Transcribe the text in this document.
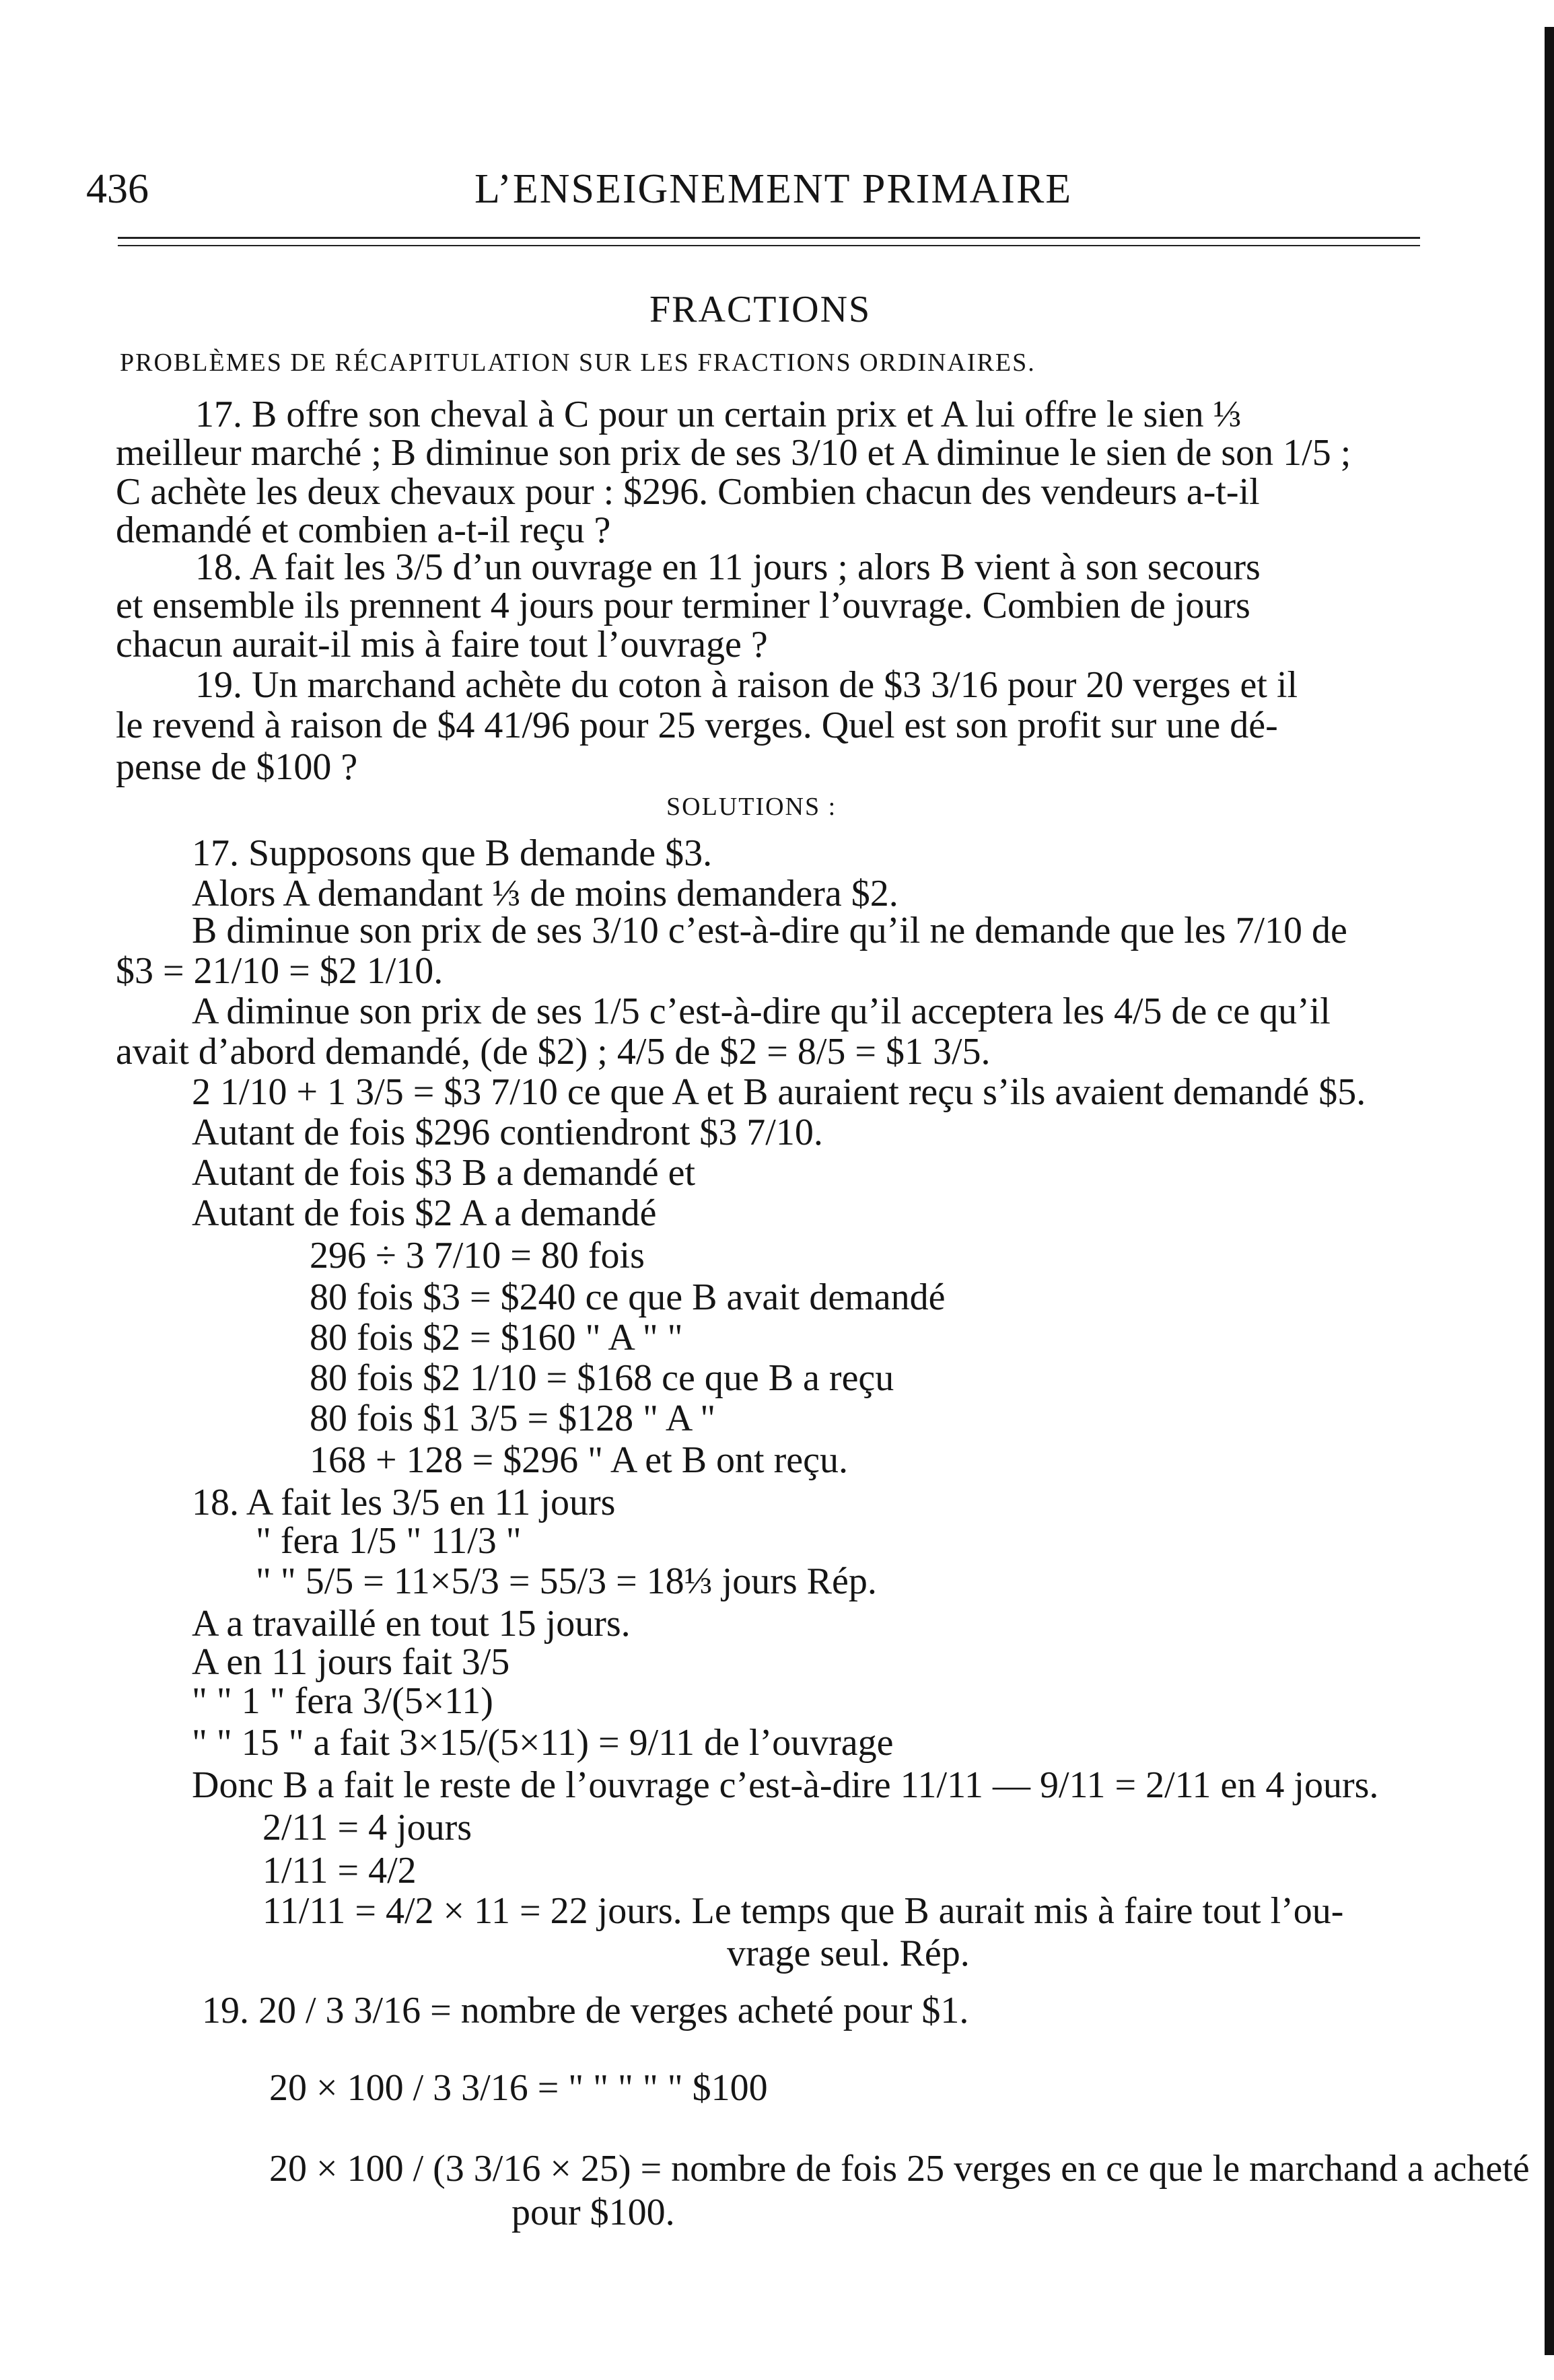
436	L’ENSEIGNEMENT PRIMAIRE
FRACTIONS
PROBLÈMES DE RÉCAPITULATION SUR LES FRACTIONS ORDINAIRES.
17. B offre son cheval à C pour un certain prix et A lui offre le sien ⅓
meilleur marché ; B diminue son prix de ses 3/10 et A diminue le sien de son 1/5 ;
C achète les deux chevaux pour : $296. Combien chacun des vendeurs a-t-il
demandé et combien a-t-il reçu ?
18. A fait les 3/5 d’un ouvrage en 11 jours ; alors B vient à son secours
et ensemble ils prennent 4 jours pour terminer l’ouvrage. Combien de jours
chacun aurait-il mis à faire tout l’ouvrage ?
19. Un marchand achète du coton à raison de $3 3/16 pour 20 verges et il
le revend à raison de $4 41/96 pour 25 verges. Quel est son profit sur une dé-
pense de $100 ?
SOLUTIONS :
17. Supposons que B demande $3.
Alors A demandant ⅓ de moins demandera $2.
B diminue son prix de ses 3/10 c’est-à-dire qu’il ne demande que les 7/10 de
$3 = 21/10 = $2 1/10.
A diminue son prix de ses 1/5 c’est-à-dire qu’il acceptera les 4/5 de ce qu’il
avait d’abord demandé, (de $2) ; 4/5 de $2 = 8/5 = $1 3/5.
2 1/10 + 1 3/5 = $3 7/10 ce que A et B auraient reçu s’ils avaient demandé $5.
Autant de fois $296 contiendront $3 7/10.
Autant de fois $3 B a demandé et
Autant de fois $2 A a demandé
296 ÷ 3 7/10 = 80 fois
80 fois $3 = $240 ce que B avait demandé
80 fois $2 = $160 " A " "
80 fois $2 1/10 = $168 ce que B a reçu
80 fois $1 3/5 = $128 " A "
168 + 128 = $296 " A et B ont reçu.
18. A fait les 3/5 en 11 jours
" fera 1/5 " 11/3 "
" " 5/5 = 11×5/3 = 55/3 = 18⅓ jours Rép.
A a travaillé en tout 15 jours.
A en 11 jours fait 3/5
" " 1 " fera 3/(5×11)
" " 15 " a fait 3×15/(5×11) = 9/11 de l’ouvrage
Donc B a fait le reste de l’ouvrage c’est-à-dire 11/11 — 9/11 = 2/11 en 4 jours.
2/11 = 4 jours
1/11 = 4/2
11/11 = 4/2 × 11 = 22 jours. Le temps que B aurait mis à faire tout l’ou-
vrage seul. Rép.
19. 20 / 3 3/16 = nombre de verges acheté pour $1.
20 × 100 / 3 3/16 = " " " " " $100
20 × 100 / (3 3/16 × 25) = nombre de fois 25 verges en ce que le marchand a acheté
pour $100.
